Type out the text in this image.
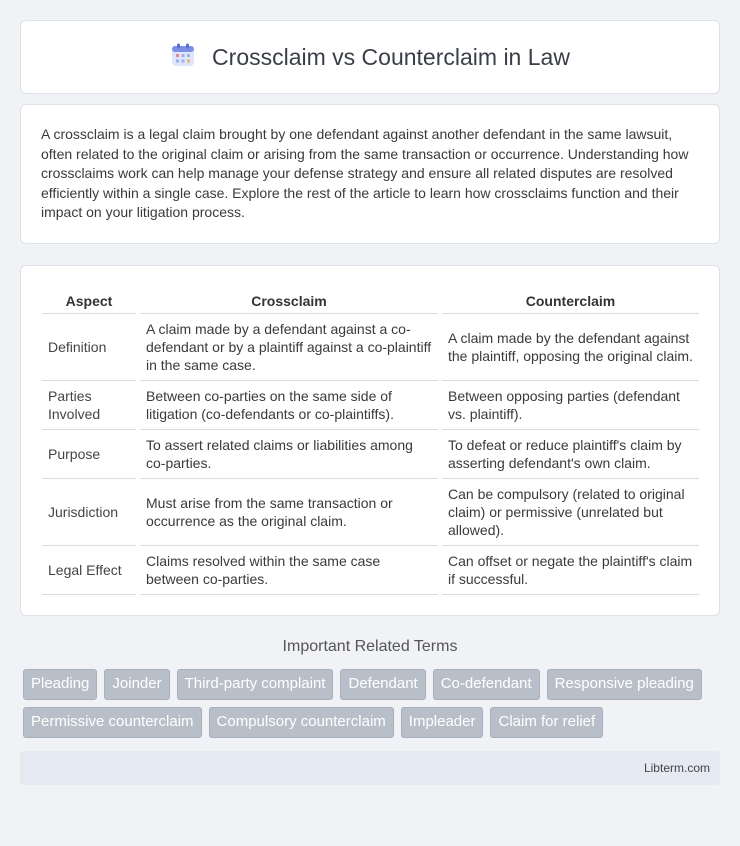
Crossclaim vs Counterclaim in Law
A crossclaim is a legal claim brought by one defendant against another defendant in the same lawsuit, often related to the original claim or arising from the same transaction or occurrence. Understanding how crossclaims work can help manage your defense strategy and ensure all related disputes are resolved efficiently within a single case. Explore the rest of the article to learn how crossclaims function and their impact on your litigation process.
Aspect	Crossclaim	Counterclaim
Definition	A claim made by a defendant against a co-defendant or by a plaintiff against a co-plaintiff in the same case.	A claim made by the defendant against the plaintiff, opposing the original claim.
Parties Involved	Between co-parties on the same side of litigation (co-defendants or co-plaintiffs).	Between opposing parties (defendant vs. plaintiff).
Purpose	To assert related claims or liabilities among co-parties.	To defeat or reduce plaintiff's claim by asserting defendant's own claim.
Jurisdiction	Must arise from the same transaction or occurrence as the original claim.	Can be compulsory (related to original claim) or permissive (unrelated but allowed).
Legal Effect	Claims resolved within the same case between co-parties.	Can offset or negate the plaintiff's claim if successful.
Important Related Terms
Pleading	Joinder	Third-party complaint	Defendant	Co-defendant	Responsive pleading
Permissive counterclaim	Compulsory counterclaim	Impleader	Claim for relief
Libterm.com
